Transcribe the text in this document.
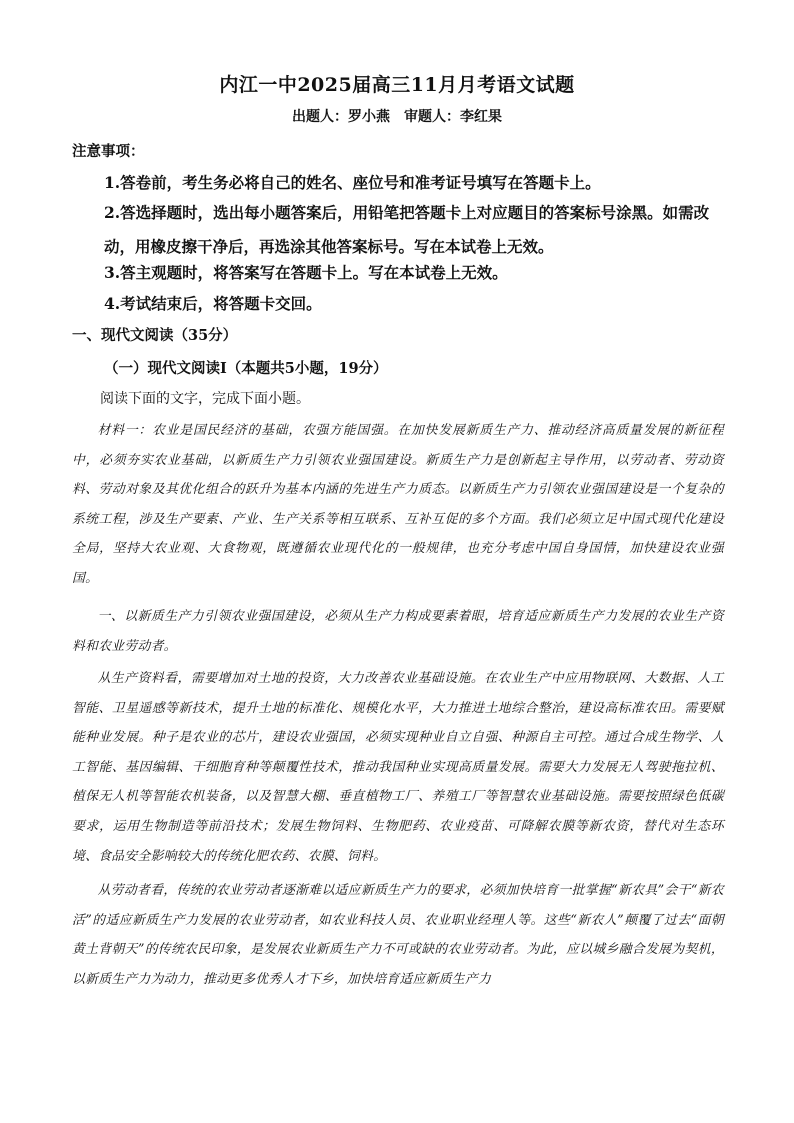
内江一中2025届高三11月月考语文试题
出题人：罗小燕 审题人：李红果
注意事项：
1.答卷前，考生务必将自己的姓名、座位号和准考证号填写在答题卡上。
2.答选择题时，选出每小题答案后，用铅笔把答题卡上对应题目的答案标号涂黑。如需改动，用橡皮擦干净后，再选涂其他答案标号。写在本试卷上无效。
3.答主观题时，将答案写在答题卡上。写在本试卷上无效。
4.考试结束后，将答题卡交回。
一、现代文阅读（35分）
（一）现代文阅读Ⅰ（本题共5小题，19分）
阅读下面的文字，完成下面小题。

材料一：农业是国民经济的基础，农强方能国强。在加快发展新质生产力、推动经济高质量发展的新征程中，必须夯实农业基础，以新质生产力引领农业强国建设。新质生产力是创新起主导作用，以劳动者、劳动资料、劳动对象及其优化组合的跃升为基本内涵的先进生产力质态。以新质生产力引领农业强国建设是一个复杂的系统工程，涉及生产要素、产业、生产关系等相互联系、互补互促的多个方面。我们必须立足中国式现代化建设全局，坚持大农业观、大食物观，既遵循农业现代化的一般规律，也充分考虑中国自身国情，加快建设农业强国。

一、以新质生产力引领农业强国建设，必须从生产力构成要素着眼，培育适应新质生产力发展的农业生产资料和农业劳动者。

从生产资料看，需要增加对土地的投资，大力改善农业基础设施。在农业生产中应用物联网、大数据、人工智能、卫星遥感等新技术，提升土地的标准化、规模化水平，大力推进土地综合整治，建设高标准农田。需要赋能种业发展。种子是农业的芯片，建设农业强国，必须实现种业自立自强、种源自主可控。通过合成生物学、人工智能、基因编辑、干细胞育种等颠覆性技术，推动我国种业实现高质量发展。需要大力发展无人驾驶拖拉机、植保无人机等智能农机装备，以及智慧大棚、垂直植物工厂、养殖工厂等智慧农业基础设施。需要按照绿色低碳要求，运用生物制造等前沿技术；发展生物饲料、生物肥药、农业疫苗、可降解农膜等新农资，替代对生态环境、食品安全影响较大的传统化肥农药、农膜、饲料。

从劳动者看，传统的农业劳动者逐渐难以适应新质生产力的要求，必须加快培育一批掌握“新农具”会干“新农活”的适应新质生产力发展的农业劳动者，如农业科技人员、农业职业经理人等。这些“新农人”颠覆了过去“面朝黄土背朝天”的传统农民印象，是发展农业新质生产力不可或缺的农业劳动者。为此，应以城乡融合发展为契机，以新质生产力为动力，推动更多优秀人才下乡，加快培育适应新质生产力
